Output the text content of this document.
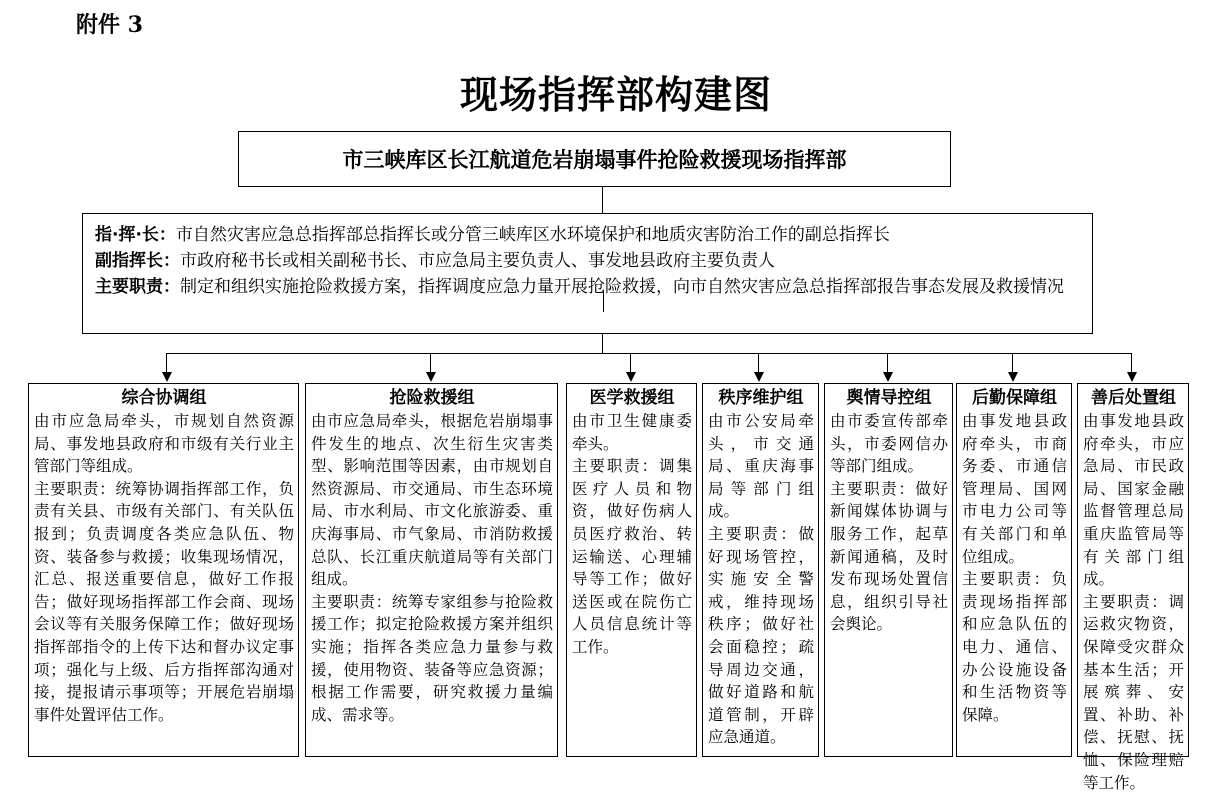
附件 3
现场指挥部构建图
市三峡库区长江航道危岩崩塌事件抢险救援现场指挥部
指·挥·长：市自然灾害应急总指挥部总指挥长或分管三峡库区水环境保护和地质灾害防治工作的副总指挥长
副指挥长：市政府秘书长或相关副秘书长、市应急局主要负责人、事发地县政府主要负责人
主要职责：制定和组织实施抢险救援方案，指挥调度应急力量开展抢险救援，向市自然灾害应急总指挥部报告事态发展及救援情况
综合协调组

由市应急局牵头，市规划自然资源局、事发地县政府和市级有关行业主管部门等组成。

主要职责：统筹协调指挥部工作，负责有关县、市级有关部门、有关队伍报到；负责调度各类应急队伍、物资、装备参与救援；收集现场情况，汇总、报送重要信息，做好工作报告；做好现场指挥部工作会商、现场会议等有关服务保障工作；做好现场指挥部指令的上传下达和督办议定事项；强化与上级、后方指挥部沟通对接，提报请示事项等；开展危岩崩塌事件处置评估工作。

抢险救援组

由市应急局牵头，根据危岩崩塌事件发生的地点、次生衍生灾害类型、影响范围等因素，由市规划自然资源局、市交通局、市生态环境局、市水利局、市文化旅游委、重庆海事局、市气象局、市消防救援总队、长江重庆航道局等有关部门组成。

主要职责：统筹专家组参与抢险救援工作；拟定抢险救援方案并组织实施；指挥各类应急力量参与救援，使用物资、装备等应急资源；根据工作需要，研究救援力量编成、需求等。

医学救援组

由市卫生健康委牵头。

主要职责：调集医疗人员和物资，做好伤病人员医疗救治、转运输送、心理辅导等工作；做好送医或在院伤亡人员信息统计等工作。

秩序维护组

由市公安局牵头，市交通局、重庆海事局等部门组成。

主要职责：做好现场管控，实施安全警戒，维持现场秩序；做好社会面稳控；疏导周边交通，做好道路和航道管制，开辟应急通道。

舆情导控组

由市委宣传部牵头，市委网信办等部门组成。

主要职责：做好新闻媒体协调与服务工作，起草新闻通稿，及时发布现场处置信息，组织引导社会舆论。

后勤保障组

由事发地县政府牵头，市商务委、市通信管理局、国网市电力公司等有关部门和单位组成。

主要职责：负责现场指挥部和应急队伍的电力、通信、办公设施设备和生活物资等保障。

善后处置组

由事发地县政府牵头，市应急局、市民政局、国家金融监督管理总局重庆监管局等有关部门组成。

主要职责：调运救灾物资，保障受灾群众基本生活；开展殡葬、安置、补助、补偿、抚慰、抚恤、保险理赔等工作。
